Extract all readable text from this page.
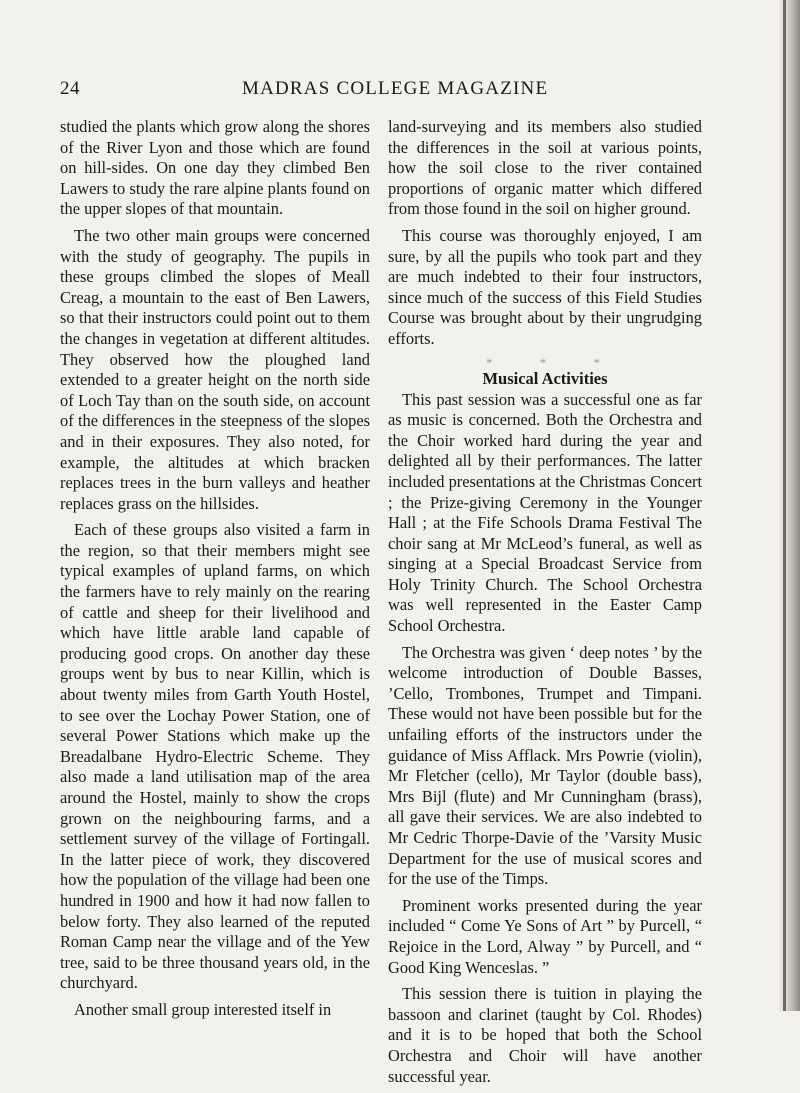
24	MADRAS COLLEGE MAGAZINE

studied the plants which grow along the shores of the River Lyon and those which are found on hill-sides. On one day they climbed Ben Lawers to study the rare alpine plants found on the upper slopes of that mountain.

The two other main groups were concerned with the study of geography. The pupils in these groups climbed the slopes of Meall Creag, a mountain to the east of Ben Lawers, so that their instructors could point out to them the changes in vegetation at different altitudes. They observed how the ploughed land extended to a greater height on the north side of Loch Tay than on the south side, on account of the differences in the steepness of the slopes and in their exposures. They also noted, for example, the altitudes at which bracken replaces trees in the burn valleys and heather replaces grass on the hillsides.

Each of these groups also visited a farm in the region, so that their members might see typical examples of upland farms, on which the farmers have to rely mainly on the rearing of cattle and sheep for their livelihood and which have little arable land capable of producing good crops. On another day these groups went by bus to near Killin, which is about twenty miles from Garth Youth Hostel, to see over the Lochay Power Station, one of several Power Stations which make up the Breadalbane Hydro-Electric Scheme. They also made a land utilisation map of the area around the Hostel, mainly to show the crops grown on the neighbouring farms, and a settlement survey of the village of Fortingall. In the latter piece of work, they discovered how the population of the village had been one hundred in 1900 and how it had now fallen to below forty. They also learned of the reputed Roman Camp near the village and of the Yew tree, said to be three thousand years old, in the churchyard.

Another small group interested itself in

land-surveying and its members also studied the differences in the soil at various points, how the soil close to the river contained proportions of organic matter which differed from those found in the soil on higher ground.

This course was thoroughly enjoyed, I am sure, by all the pupils who took part and they are much indebted to their four instructors, since much of the success of this Field Studies Course was brought about by their ungrudging efforts.

* * *
Musical Activities

This past session was a successful one as far as music is concerned. Both the Orchestra and the Choir worked hard during the year and delighted all by their performances. The latter included presentations at the Christmas Concert ; the Prize-giving Ceremony in the Younger Hall ; at the Fife Schools Drama Festival The choir sang at Mr McLeod’s funeral, as well as singing at a Special Broadcast Service from Holy Trinity Church. The School Orchestra was well represented in the Easter Camp School Orchestra.

The Orchestra was given ‘ deep notes ’ by the welcome introduction of Double Basses, ’Cello, Trombones, Trumpet and Timpani. These would not have been possible but for the unfailing efforts of the instructors under the guidance of Miss Afflack. Mrs Powrie (violin), Mr Fletcher (cello), Mr Taylor (double bass), Mrs Bijl (flute) and Mr Cunningham (brass), all gave their services. We are also indebted to Mr Cedric Thorpe-Davie of the ’Varsity Music Department for the use of musical scores and for the use of the Timps.

Prominent works presented during the year included “ Come Ye Sons of Art ” by Purcell, “ Rejoice in the Lord, Alway ” by Purcell, and “ Good King Wenceslas. ”

This session there is tuition in playing the bassoon and clarinet (taught by Col. Rhodes) and it is to be hoped that both the School Orchestra and Choir will have another successful year.
